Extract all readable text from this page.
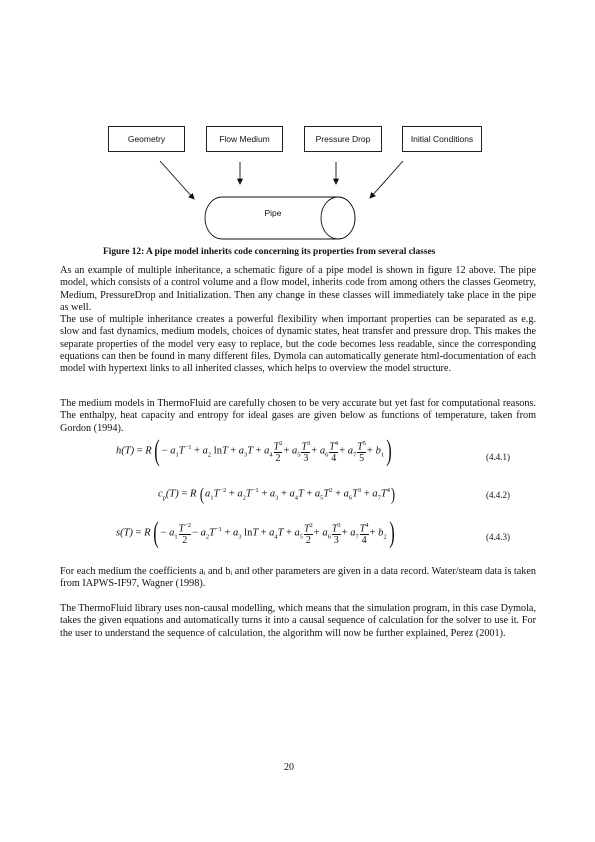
Geometry	Flow Medium	Pressure Drop	Initial Conditions
Pipe
Figure 12: A pipe model inherits code concerning its properties from several classes

As an example of multiple inheritance, a schematic figure of a pipe model is shown in figure 12 above. The pipe model, which consists of a control volume and a flow model, inherits code from among others the classes Geometry, Medium, PressureDrop and Initialization. Then any change in these classes will immediately take place in the pipe as well.

The use of multiple inheritance creates a powerful flexibility when important properties can be separated as e.g. slow and fast dynamics, medium models, choices of dynamic states, heat transfer and pressure drop. This makes the separate properties of the model very easy to replace, but the code becomes less readable, since the corresponding equations can then be found in many different files. Dymola can automatically generate html-documentation of each model with hypertext links to all inherited classes, which helps to overview the model structure.

The medium models in ThermoFluid are carefully chosen to be very accurate but yet fast for computational reasons. The enthalpy, heat capacity and entropy for ideal gases are given below as functions of temperature, taken from Gordon (1994).

$h(T) = R( - a_1T^{-1} + a_2$ $\ln T + a_3T + a_4 \frac{T^2}{2} + a_5 \frac{T^3}{3} + a_6 \frac{T^4}{4} + a_7 \frac{T^5}{5} + b_1$)	(4.4.1)
$c_p(T) = R$ $(a_1T^{-2} + a_2T^{-1} + a_3 + a_4T + a_5T^2 + a_6T^3 + a_7T^4)$	(4.4.2)
$s(T) = R( - a_1 \frac{T^{-2}}{2} - a_2T^{-1} + a_3$ $\ln T + a_4T + a_5 \frac{T^2}{2} + a_6 \frac{T^3}{3} + a_7 \frac{T^4}{4} + b_2$)	(4.4.3)

For each medium the coefficients aᵢ and bᵢ and other parameters are given in a data record. Water/steam data is taken from IAPWS-IF97, Wagner (1998).

The ThermoFluid library uses non-causal modelling, which means that the simulation program, in this case Dymola, takes the given equations and automatically turns it into a causal sequence of calculation for the solver to use it. For the user to understand the sequence of calculation, the algorithm will now be further explained, Perez (2001).

20
